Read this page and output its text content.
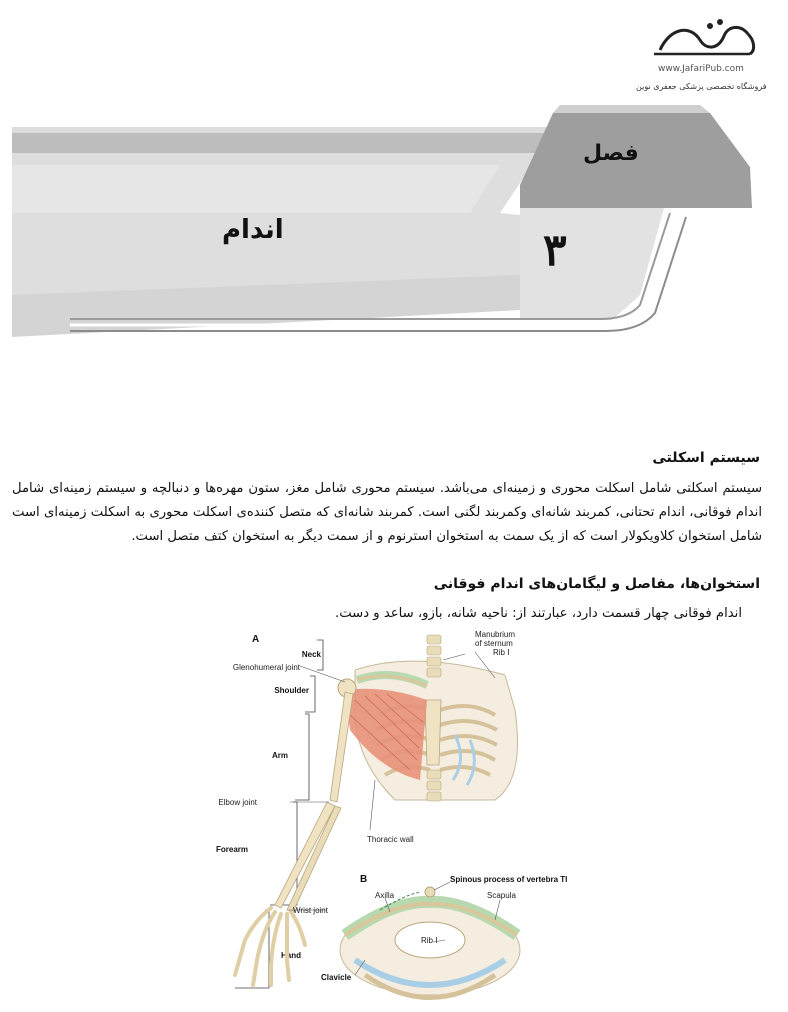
www.JafariPub.com
فروشگاه تخصصی پزشکی جعفری نوین
فصل
۳
اندام
سیستم اسکلتی
سیستم اسکلتی شامل اسکلت محوری و زمینه‌ای می‌باشد. سیستم محوری شامل مغز، ستون مهره‌ها و دنبالچه و سیستم زمینه‌ای شامل اندام فوقانی، اندام تحتانی، کمربند شانه‌ای وکمربند لگنی است. کمربند شانه‌ای که متصل کننده‌ی اسکلت محوری به اسکلت زمینه‌ای است شامل استخوان کلاویکولار است که از یک سمت به استخوان استرنوم و از سمت دیگر به استخوان کتف متصل است.
استخوان‌ها، مفاصل و لیگامان‌های اندام فوقانی
اندام فوقانی چهار قسمت دارد، عبارتند از: ناحیه شانه، بازو، ساعد و دست.
A
Neck
Shoulder
Arm
Forearm
Hand
Glenohumeral joint
Elbow joint
Wrist joint
Manubrium
of sternum
Rib I
Thoracic wall
B	Spinous process of vertebra TI
Axilla	Scapula
Rib I
Clavicle
